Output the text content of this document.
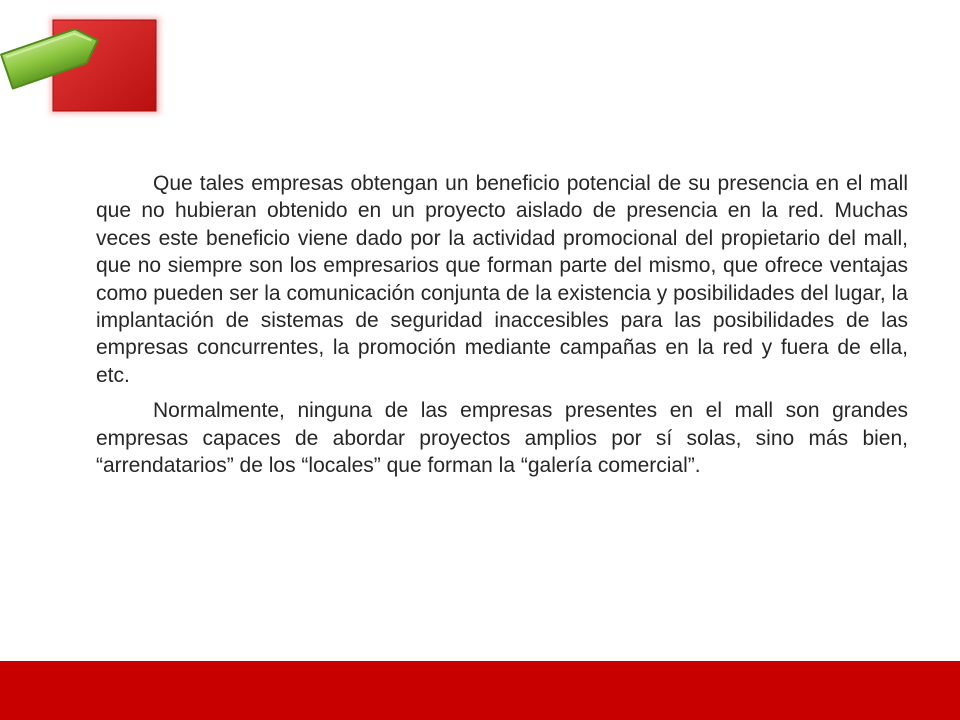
Que tales empresas obtengan un beneficio potencial de su presencia en el mall que no hubieran obtenido en un proyecto aislado de presencia en la red. Muchas veces este beneficio viene dado por la actividad promocional del propietario del mall, que no siempre son los empresarios que forman parte del mismo, que ofrece ventajas como pueden ser la comunicación conjunta de la existencia y posibilidades del lugar, la implantación de sistemas de seguridad inaccesibles para las posibilidades de las empresas concurrentes, la promoción mediante campañas en la red y fuera de ella, etc.

Normalmente, ninguna de las empresas presentes en el mall son grandes empresas capaces de abordar proyectos amplios por sí solas, sino más bien, “arrendatarios” de los “locales” que forman la “galería comercial”.
